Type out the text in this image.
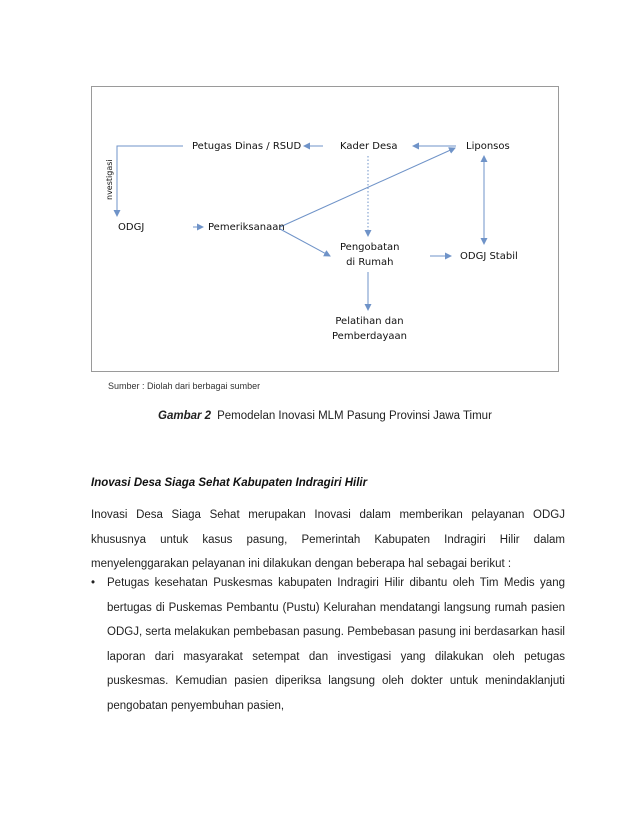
Petugas Dinas / RSUD	Kader Desa	Liponsos
ODGJ	Pemeriksanaan
Pengobatan
di Rumah
ODGJ Stabil
Pelatihan dan
Pemberdayaan
nvestigasi
Sumber : Diolah dari berbagai sumber
Gambar 2 Pemodelan Inovasi MLM Pasung Provinsi Jawa Timur
Inovasi Desa Siaga Sehat Kabupaten Indragiri Hilir
Inovasi Desa Siaga Sehat merupakan Inovasi dalam memberikan pelayanan ODGJ khususnya untuk kasus pasung, Pemerintah Kabupaten Indragiri Hilir dalam menyelenggarakan pelayanan ini dilakukan dengan beberapa hal sebagai berikut :
• Petugas kesehatan Puskesmas kabupaten Indragiri Hilir dibantu oleh Tim Medis yang bertugas di Puskemas Pembantu (Pustu) Kelurahan mendatangi langsung rumah pasien ODGJ, serta melakukan pembebasan pasung. Pembebasan pasung ini berdasarkan hasil laporan dari masyarakat setempat dan investigasi yang dilakukan oleh petugas puskesmas. Kemudian pasien diperiksa langsung oleh dokter untuk menindaklanjuti pengobatan penyembuhan pasien,
